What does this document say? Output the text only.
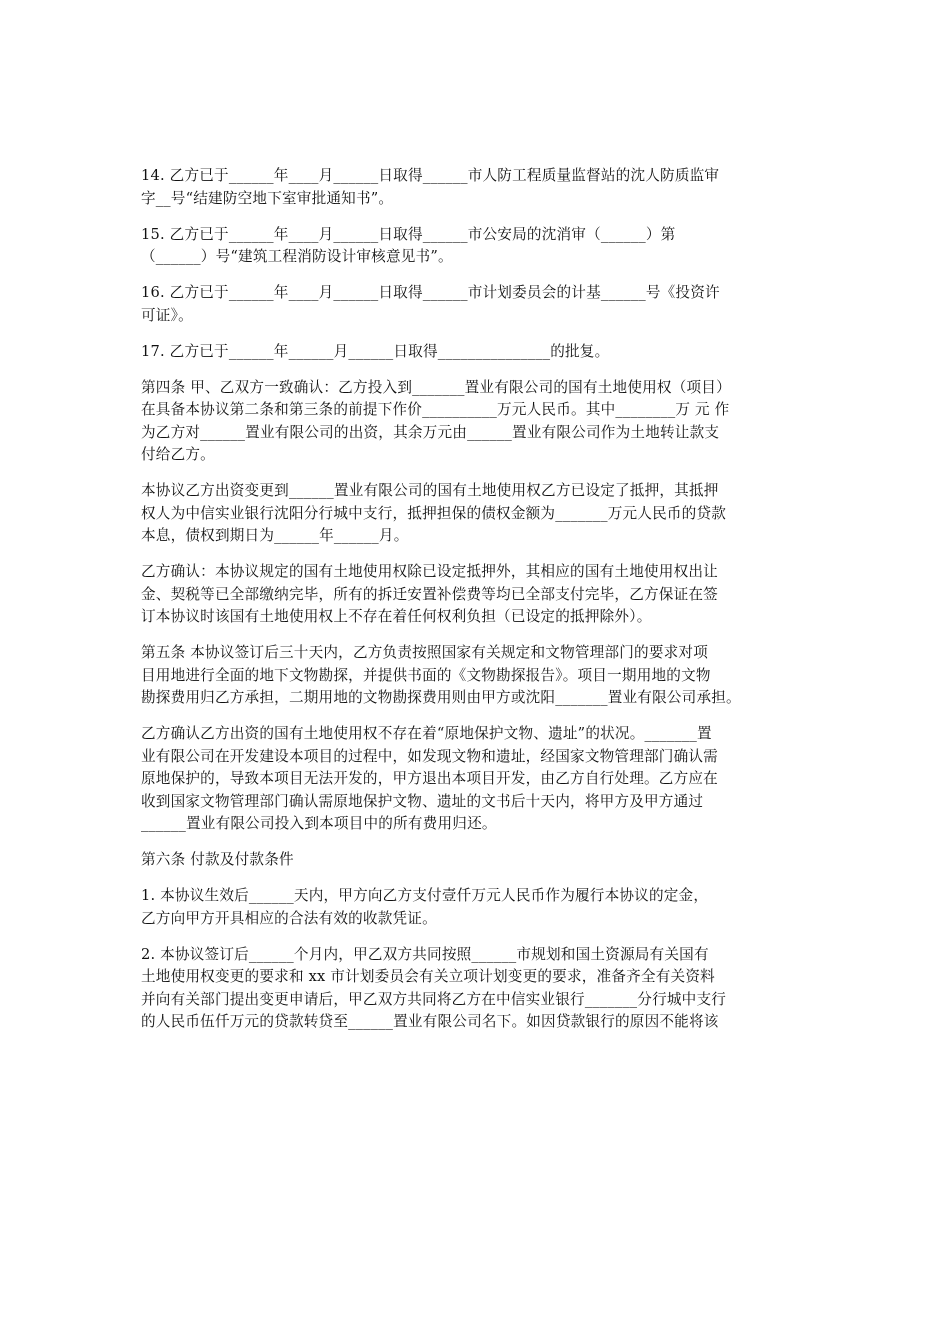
14. 乙方已于______年____月______日取得______市人防工程质量监督站的沈人防质监审
字__号“结建防空地下室审批通知书”。
15. 乙方已于______年____月______日取得______市公安局的沈消审（______）第
（______）号“建筑工程消防设计审核意见书”。
16. 乙方已于______年____月______日取得______市计划委员会的计基______号《投资许
可证》。
17. 乙方已于______年______月______日取得_______________的批复。
第四条 甲、乙双方一致确认：乙方投入到_______置业有限公司的国有土地使用权（项目）
在具备本协议第二条和第三条的前提下作价__________万元人民币。其中________万 元 作
为乙方对______置业有限公司的出资，其余万元由______置业有限公司作为土地转让款支
付给乙方。
本协议乙方出资变更到______置业有限公司的国有土地使用权乙方已设定了抵押，其抵押
权人为中信实业银行沈阳分行城中支行，抵押担保的债权金额为_______万元人民币的贷款
本息，债权到期日为______年______月。
乙方确认：本协议规定的国有土地使用权除已设定抵押外，其相应的国有土地使用权出让
金、契税等已全部缴纳完毕，所有的拆迁安置补偿费等均已全部支付完毕，乙方保证在签
订本协议时该国有土地使用权上不存在着任何权利负担（已设定的抵押除外）。
第五条 本协议签订后三十天内，乙方负责按照国家有关规定和文物管理部门的要求对项
目用地进行全面的地下文物勘探，并提供书面的《文物勘探报告》。项目一期用地的文物
勘探费用归乙方承担，二期用地的文物勘探费用则由甲方或沈阳_______置业有限公司承担。
乙方确认乙方出资的国有土地使用权不存在着“原地保护文物、遗址”的状况。_______置
业有限公司在开发建设本项目的过程中，如发现文物和遗址，经国家文物管理部门确认需
原地保护的，导致本项目无法开发的，甲方退出本项目开发，由乙方自行处理。乙方应在
收到国家文物管理部门确认需原地保护文物、遗址的文书后十天内，将甲方及甲方通过
______置业有限公司投入到本项目中的所有费用归还。
第六条 付款及付款条件
1. 本协议生效后______天内，甲方向乙方支付壹仟万元人民币作为履行本协议的定金，
乙方向甲方开具相应的合法有效的收款凭证。
2. 本协议签订后______个月内，甲乙双方共同按照______市规划和国土资源局有关国有
土地使用权变更的要求和 xx 市计划委员会有关立项计划变更的要求，准备齐全有关资料
并向有关部门提出变更申请后，甲乙双方共同将乙方在中信实业银行_______分行城中支行
的人民币伍仟万元的贷款转贷至______置业有限公司名下。如因贷款银行的原因不能将该
